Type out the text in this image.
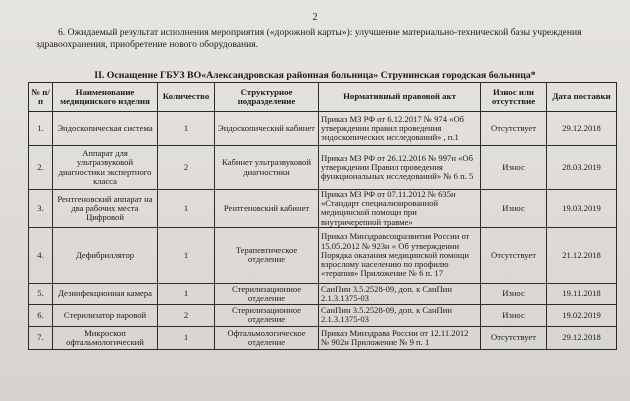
2
6. Ожидаемый результат исполнения мероприятия («дорожной карты»): улучшение материально-технической базы учреждения здравоохранения, приобретение нового оборудования.
II. Оснащение ГБУЗ ВО«Александровская районная больница» Струнинская городская больница*
№ п/п	Наименование медицинского изделия	Количество	Структурное подразделение	Нормативный правовой акт	Износ или отсутствие	Дата поставки
1.	Эндоскопическая система	1	Эндоскопический кабинет	Приказ МЗ РФ от 6.12.2017 № 974 «Об утверждении правил проведения эндоскопических исследований» , п.1	Отсутствует	29.12.2018
2.	Аппарат для ультразвуковой диагностики экспертного класса	2	Кабинет ультразвуковой диагностики	Приказ МЗ РФ от 26.12.2016 № 997н «Об утверждении Правил проведения функциональных исследований» № 6 п. 5	Износ	28.03.2019
3.	Рентгеновский аппарат на два рабочих места Цифровой	1	Рентгеновский кабинет	Приказ МЗ РФ от 07.11.2012 № 635н «Стандарт специализированной медицинской помощи при внутричерепной травме»	Износ	19.03.2019
4.	Дефибриллятор	1	Терапевтическое отделение	Приказ Минздравсоцразвития России от 15.05.2012 № 923н « Об утверждении Порядка оказания медицинской помощи взрослому населению по профилю «терапия» Приложение № 6 п. 17	Отсутствует	21.12.2018
5.	Дезинфекционная камера	1	Стерилизационное отделение	СанПин 3.5.2528-09, доп. к СанПин 2.1.3.1375-03	Износ	19.11.2018
6.	Стерилизатор паровой	2	Стерилизационное отделение	СанПин 3.5.2528-09, доп. к СанПин 2.1.3.1375-03	Износ	19.02.2019
7.	Микроскоп офтальмологический	1	Офтальмологическое отделение	Приказ Минздрава России от 12.11.2012 № 902н Приложение № 9 п. 1	Отсутствует	29.12.2018
